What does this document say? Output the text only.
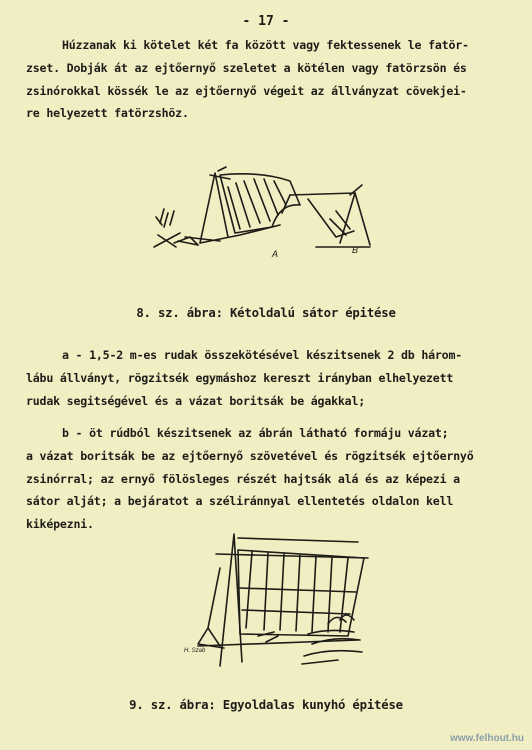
- 17 -
Húzzanak ki kötelet két fa között vagy fektessenek le fatör-
zset. Dobják át az ejtőernyő szeletet a kötélen vagy fatörzsön és
zsinórokkal kössék le az ejtőernyő végeit az állványzat cövekjei-
re helyezett fatörzshöz.
A	B
8. sz. ábra: Kétoldalú sátor épitése
a - 1,5-2 m-es rudak összekötésével készitsenek 2 db három-
lábu állványt, rögzitsék egymáshoz kereszt irányban elhelyezett
rudak segitségével és a vázat boritsák be ágakkal;
b - öt rúdból készitsenek az ábrán látható formáju vázat;
a vázat boritsák be az ejtőernyő szövetével és rögzitsék ejtőernyő
zsinórral; az ernyő fölösleges részét hajtsák alá és az képezi a
sátor alját; a bejáratot a széliránnyal ellentetés oldalon kell
kiképezni.
H. Szab
9. sz. ábra: Egyoldalas kunyhó épitése
www.felhout.hu
